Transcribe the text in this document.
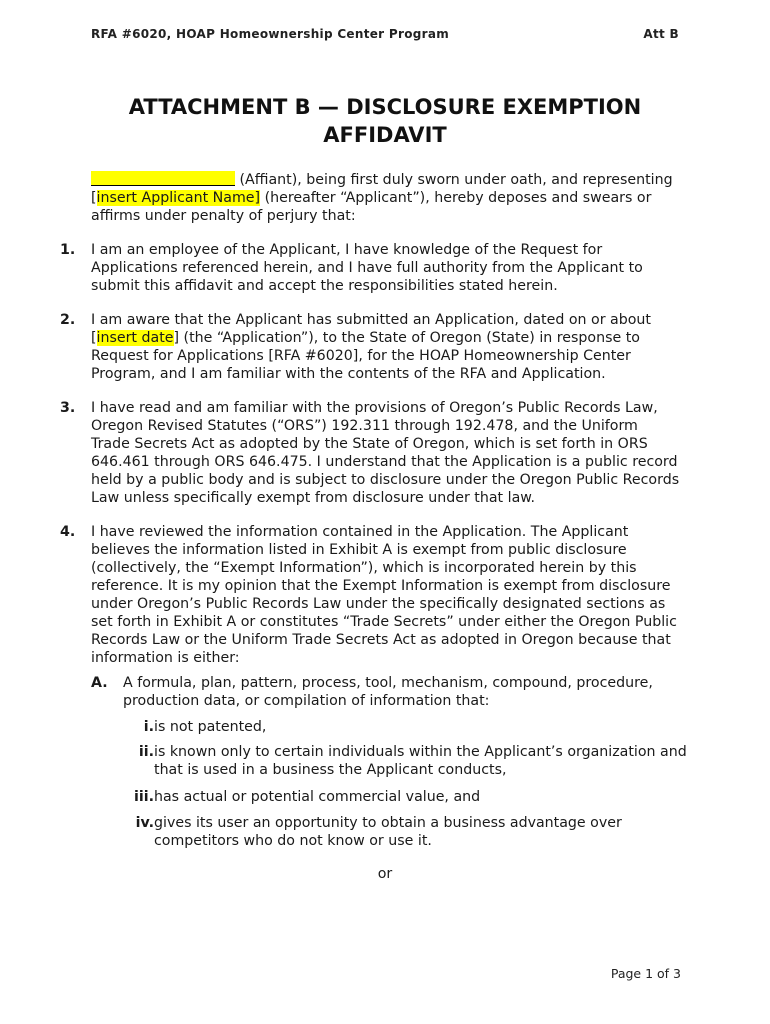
RFA #6020, HOAP Homeownership Center Program	Att B
ATTACHMENT B — DISCLOSURE EXEMPTION
AFFIDAVIT
(Affiant), being first duly sworn under oath, and representing [insert Applicant Name] (hereafter “Applicant”), hereby deposes and swears or affirms under penalty of perjury that:
1.	I am an employee of the Applicant, I have knowledge of the Request for Applications referenced herein, and I have full authority from the Applicant to submit this affidavit and accept the responsibilities stated herein.
2.	I am aware that the Applicant has submitted an Application, dated on or about [insert date] (the “Application”), to the State of Oregon (State) in response to Request for Applications [RFA #6020], for the HOAP Homeownership Center Program, and I am familiar with the contents of the RFA and Application.
3.	I have read and am familiar with the provisions of Oregon’s Public Records Law, Oregon Revised Statutes (“ORS”) 192.311 through 192.478, and the Uniform Trade Secrets Act as adopted by the State of Oregon, which is set forth in ORS 646.461 through ORS 646.475. I understand that the Application is a public record held by a public body and is subject to disclosure under the Oregon Public Records Law unless specifically exempt from disclosure under that law.
4.	I have reviewed the information contained in the Application. The Applicant believes the information listed in Exhibit A is exempt from public disclosure (collectively, the “Exempt Information”), which is incorporated herein by this reference. It is my opinion that the Exempt Information is exempt from disclosure under Oregon’s Public Records Law under the specifically designated sections as set forth in Exhibit A or constitutes “Trade Secrets” under either the Oregon Public Records Law or the Uniform Trade Secrets Act as adopted in Oregon because that information is either:
A.	A formula, plan, pattern, process, tool, mechanism, compound, procedure, production data, or compilation of information that:
i. is not patented,
ii. is known only to certain individuals within the Applicant’s organization and that is used in a business the Applicant conducts,
iii. has actual or potential commercial value, and
iv. gives its user an opportunity to obtain a business advantage over competitors who do not know or use it.
or
Page 1 of 3
